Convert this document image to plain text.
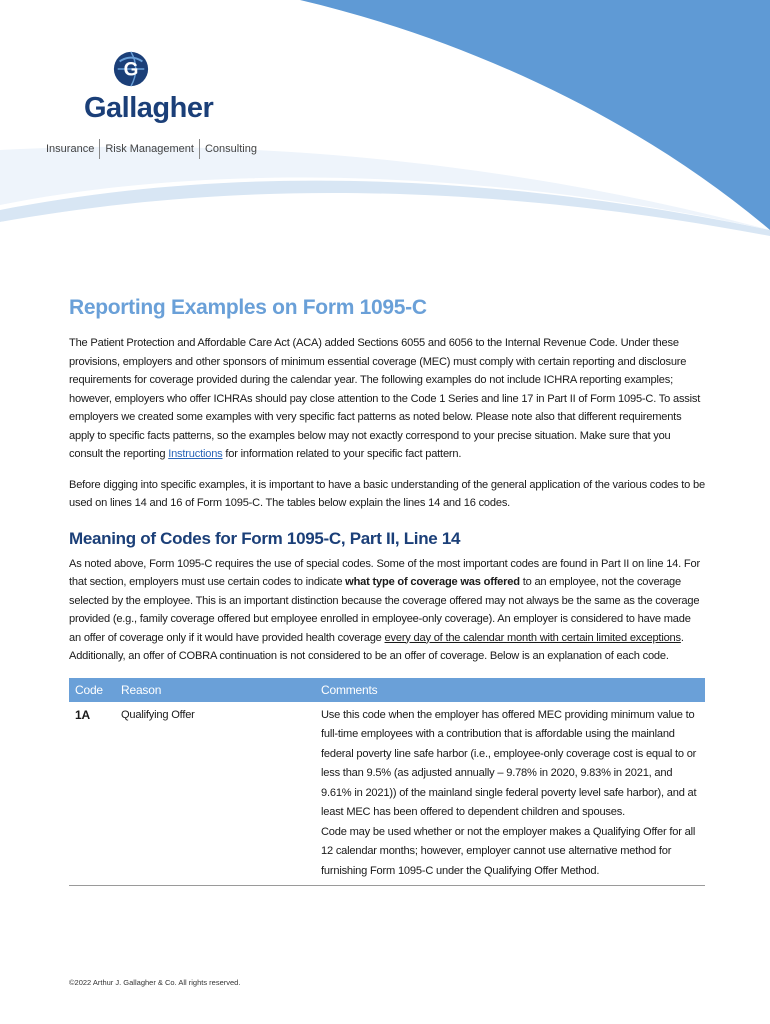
G
Gallagher
Insurance Risk Management Consulting
Reporting Examples on Form 1095-C

The Patient Protection and Affordable Care Act (ACA) added Sections 6055 and 6056 to the Internal Revenue Code. Under these provisions, employers and other sponsors of minimum essential coverage (MEC) must comply with certain reporting and disclosure requirements for coverage provided during the calendar year. The following examples do not include ICHRA reporting examples; however, employers who offer ICHRAs should pay close attention to the Code 1 Series and line 17 in Part II of Form 1095-C. To assist employers we created some examples with very specific fact patterns as noted below. Please note also that different requirements apply to specific facts patterns, so the examples below may not exactly correspond to your precise situation. Make sure that you consult the reporting Instructions for information related to your specific fact pattern.

Before digging into specific examples, it is important to have a basic understanding of the general application of the various codes to be used on lines 14 and 16 of Form 1095-C. The tables below explain the lines 14 and 16 codes.

Meaning of Codes for Form 1095-C, Part II, Line 14

As noted above, Form 1095-C requires the use of special codes. Some of the most important codes are found in Part II on line 14. For that section, employers must use certain codes to indicate what type of coverage was offered to an employee, not the coverage selected by the employee. This is an important distinction because the coverage offered may not always be the same as the coverage provided (e.g., family coverage offered but employee enrolled in employee-only coverage). An employer is considered to have made an offer of coverage only if it would have provided health coverage every day of the calendar month with certain limited exceptions. Additionally, an offer of COBRA continuation is not considered to be an offer of coverage. Below is an explanation of each code.

Code	Reason	Comments
1A	Qualifying Offer	Use this code when the employer has offered MEC providing minimum value to full-time employees with a contribution that is affordable using the mainland federal poverty line safe harbor (i.e., employee-only coverage cost is equal to or less than 9.5% (as adjusted annually – 9.78% in 2020, 9.83% in 2021, and 9.61% in 2021)) of the mainland single federal poverty level safe harbor), and at least MEC has been offered to dependent children and spouses.
Code may be used whether or not the employer makes a Qualifying Offer for all 12 calendar months; however, employer cannot use alternative method for furnishing Form 1095-C under the Qualifying Offer Method.
©2022 Arthur J. Gallagher & Co. All rights reserved.
